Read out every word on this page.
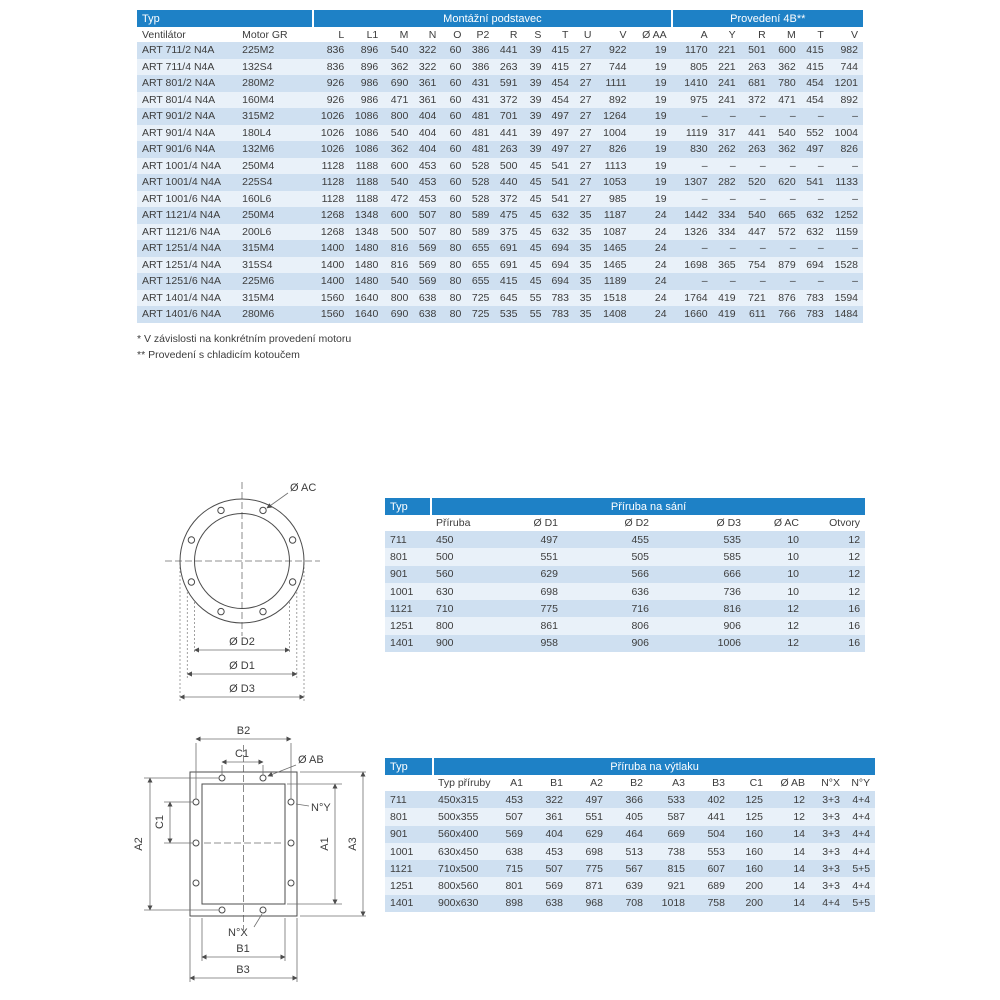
Typ		Montážní podstavec												Provedení 4B**					
Ventilátor	Motor GR	L	L1	M	N	O	P2	R	S	T	U	V	Ø AA	A	Y	R	M	T	V
ART 711/2 N4A	225M2	836	896	540	322	60	386	441	39	415	27	922	19	1170	221	501	600	415	982
ART 711/4 N4A	132S4	836	896	362	322	60	386	263	39	415	27	744	19	805	221	263	362	415	744
ART 801/2 N4A	280M2	926	986	690	361	60	431	591	39	454	27	1111	19	1410	241	681	780	454	1201
ART 801/4 N4A	160M4	926	986	471	361	60	431	372	39	454	27	892	19	975	241	372	471	454	892
ART 901/2 N4A	315M2	1026	1086	800	404	60	481	701	39	497	27	1264	19	–	–	–	–	–	–
ART 901/4 N4A	180L4	1026	1086	540	404	60	481	441	39	497	27	1004	19	1119	317	441	540	552	1004
ART 901/6 N4A	132M6	1026	1086	362	404	60	481	263	39	497	27	826	19	830	262	263	362	497	826
ART 1001/4 N4A	250M4	1128	1188	600	453	60	528	500	45	541	27	1113	19	–	–	–	–	–	–
ART 1001/4 N4A	225S4	1128	1188	540	453	60	528	440	45	541	27	1053	19	1307	282	520	620	541	1133
ART 1001/6 N4A	160L6	1128	1188	472	453	60	528	372	45	541	27	985	19	–	–	–	–	–	–
ART 1121/4 N4A	250M4	1268	1348	600	507	80	589	475	45	632	35	1187	24	1442	334	540	665	632	1252
ART 1121/6 N4A	200L6	1268	1348	500	507	80	589	375	45	632	35	1087	24	1326	334	447	572	632	1159
ART 1251/4 N4A	315M4	1400	1480	816	569	80	655	691	45	694	35	1465	24	–	–	–	–	–	–
ART 1251/4 N4A	315S4	1400	1480	816	569	80	655	691	45	694	35	1465	24	1698	365	754	879	694	1528
ART 1251/6 N4A	225M6	1400	1480	540	569	80	655	415	45	694	35	1189	24	–	–	–	–	–	–
ART 1401/4 N4A	315M4	1560	1640	800	638	80	725	645	55	783	35	1518	24	1764	419	721	876	783	1594
ART 1401/6 N4A	280M6	1560	1640	690	638	80	725	535	55	783	35	1408	24	1660	419	611	766	783	1484
* V závislosti na konkrétním provedení motoru
** Provedení s chladicím kotoučem
Ø AC
Ø D2
Ø D1
Ø D3
Typ	Příruba na sání					
	Příruba	Ø D1	Ø D2	Ø D3	Ø AC	Otvory
711	450	497	455	535	10	12
801	500	551	505	585	10	12
901	560	629	566	666	10	12
1001	630	698	636	736	10	12
1121	710	775	716	816	12	16
1251	800	861	806	906	12	16
1401	900	958	906	1006	12	16
B2
C1	Ø AB
N°Y
A2
C1
A1 A3
N°X
B1
B3
Typ	Příruba na výtlaku										
	Typ příruby	A1	B1	A2	B2	A3	B3	C1	Ø AB	N°X	N°Y
711	450x315	453	322	497	366	533	402	125	12	3+3	4+4
801	500x355	507	361	551	405	587	441	125	12	3+3	4+4
901	560x400	569	404	629	464	669	504	160	14	3+3	4+4
1001	630x450	638	453	698	513	738	553	160	14	3+3	4+4
1121	710x500	715	507	775	567	815	607	160	14	3+3	5+5
1251	800x560	801	569	871	639	921	689	200	14	3+3	4+4
1401	900x630	898	638	968	708	1018	758	200	14	4+4	5+5
